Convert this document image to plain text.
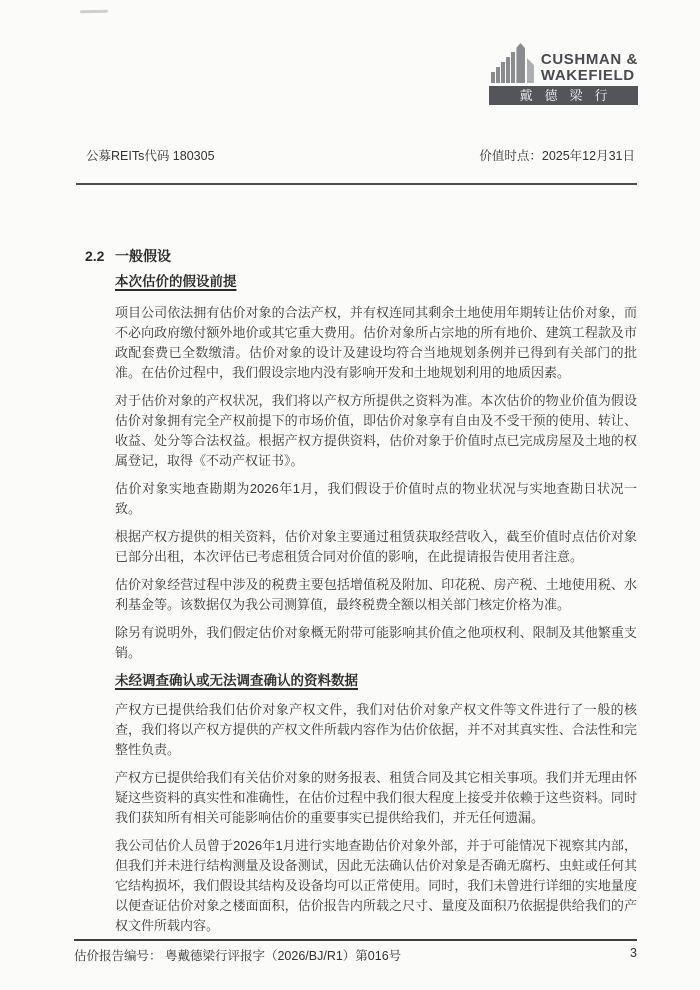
CUSHMAN &
WAKEFIELD
戴德梁行
公募REITs代码 180305	价值时点：2025年12月31日
2.2 一般假设
本次估价的假设前提

项目公司依法拥有估价对象的合法产权，并有权连同其剩余土地使用年期转让估价对象，而不必向政府缴付额外地价或其它重大费用。估价对象所占宗地的所有地价、建筑工程款及市政配套费已全数缴清。估价对象的设计及建设均符合当地规划条例并已得到有关部门的批准。在估价过程中，我们假设宗地内没有影响开发和土地规划利用的地质因素。

对于估价对象的产权状况，我们将以产权方所提供之资料为准。本次估价的物业价值为假设估价对象拥有完全产权前提下的市场价值，即估价对象享有自由及不受干预的使用、转让、收益、处分等合法权益。根据产权方提供资料，估价对象于价值时点已完成房屋及土地的权属登记，取得《不动产权证书》。

估价对象实地查勘期为2026年1月，我们假设于价值时点的物业状况与实地查勘日状况一致。

根据产权方提供的相关资料，估价对象主要通过租赁获取经营收入，截至价值时点估价对象已部分出租，本次评估已考虑租赁合同对价值的影响，在此提请报告使用者注意。

估价对象经营过程中涉及的税费主要包括增值税及附加、印花税、房产税、土地使用税、水利基金等。该数据仅为我公司测算值，最终税费全额以相关部门核定价格为准。

除另有说明外，我们假定估价对象概无附带可能影响其价值之他项权利、限制及其他繁重支销。

未经调查确认或无法调查确认的资料数据

产权方已提供给我们估价对象产权文件，我们对估价对象产权文件等文件进行了一般的核查，我们将以产权方提供的产权文件所载内容作为估价依据，并不对其真实性、合法性和完整性负责。

产权方已提供给我们有关估价对象的财务报表、租赁合同及其它相关事项。我们并无理由怀疑这些资料的真实性和准确性，在估价过程中我们很大程度上接受并依赖于这些资料。同时我们获知所有相关可能影响估价的重要事实已提供给我们，并无任何遗漏。

我公司估价人员曾于2026年1月进行实地查勘估价对象外部，并于可能情况下视察其内部，但我们并未进行结构测量及设备测试，因此无法确认估价对象是否确无腐朽、虫蛀或任何其它结构损坏，我们假设其结构及设备均可以正常使用。同时，我们未曾进行详细的实地量度以便查证估价对象之楼面面积，估价报告内所载之尺寸、量度及面积乃依据提供给我们的产权文件所载内容。

估价报告编号： 粤戴德梁行评报字（2026/BJ/R1）第016号	3
